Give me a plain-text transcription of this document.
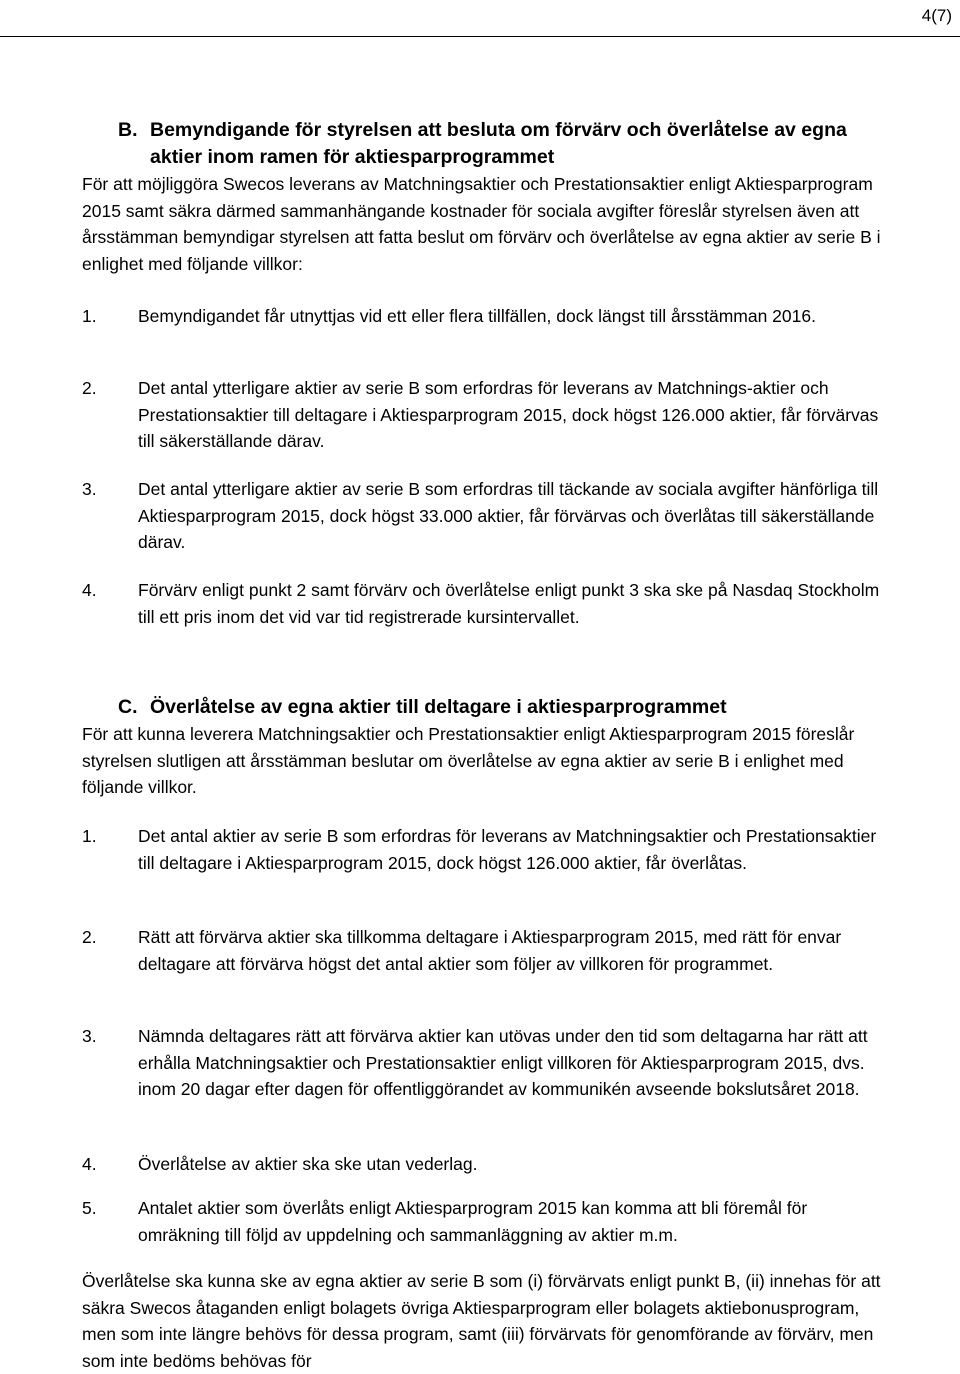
4(7)
B. Bemyndigande för styrelsen att besluta om förvärv och överlåtelse av egna aktier inom ramen för aktiesparprogrammet

För att möjliggöra Swecos leverans av Matchningsaktier och Prestationsaktier enligt Aktiesparprogram 2015 samt säkra därmed sammanhängande kostnader för sociala avgifter föreslår styrelsen även att årsstämman bemyndigar styrelsen att fatta beslut om förvärv och överlåtelse av egna aktier av serie B i enlighet med följande villkor:

1.	Bemyndigandet får utnyttjas vid ett eller flera tillfällen, dock längst till årsstämman 2016.
2.	Det antal ytterligare aktier av serie B som erfordras för leverans av Matchnings-aktier och Prestationsaktier till deltagare i Aktiesparprogram 2015, dock högst 126.000 aktier, får förvärvas till säkerställande därav.
3.	Det antal ytterligare aktier av serie B som erfordras till täckande av sociala avgifter hänförliga till Aktiesparprogram 2015, dock högst 33.000 aktier, får förvärvas och överlåtas till säkerställande därav.
4.	Förvärv enligt punkt 2 samt förvärv och överlåtelse enligt punkt 3 ska ske på Nasdaq Stockholm till ett pris inom det vid var tid registrerade kursintervallet.
C. Överlåtelse av egna aktier till deltagare i aktiesparprogrammet

För att kunna leverera Matchningsaktier och Prestationsaktier enligt Aktiesparprogram 2015 föreslår styrelsen slutligen att årsstämman beslutar om överlåtelse av egna aktier av serie B i enlighet med följande villkor.

1.	Det antal aktier av serie B som erfordras för leverans av Matchningsaktier och Prestationsaktier till deltagare i Aktiesparprogram 2015, dock högst 126.000 aktier, får överlåtas.
2.	Rätt att förvärva aktier ska tillkomma deltagare i Aktiesparprogram 2015, med rätt för envar deltagare att förvärva högst det antal aktier som följer av villkoren för programmet.
3.	Nämnda deltagares rätt att förvärva aktier kan utövas under den tid som deltagarna har rätt att erhålla Matchningsaktier och Prestationsaktier enligt villkoren för Aktiesparprogram 2015, dvs. inom 20 dagar efter dagen för offentliggörandet av kommunikén avseende bokslutsåret 2018.
4.	Överlåtelse av aktier ska ske utan vederlag.
5.	Antalet aktier som överlåts enligt Aktiesparprogram 2015 kan komma att bli föremål för omräkning till följd av uppdelning och sammanläggning av aktier m.m.

Överlåtelse ska kunna ske av egna aktier av serie B som (i) förvärvats enligt punkt B, (ii) innehas för att säkra Swecos åtaganden enligt bolagets övriga Aktiesparprogram eller bolagets aktiebonusprogram, men som inte längre behövs för dessa program, samt (iii) förvärvats för genomförande av förvärv, men som inte bedöms behövas för
